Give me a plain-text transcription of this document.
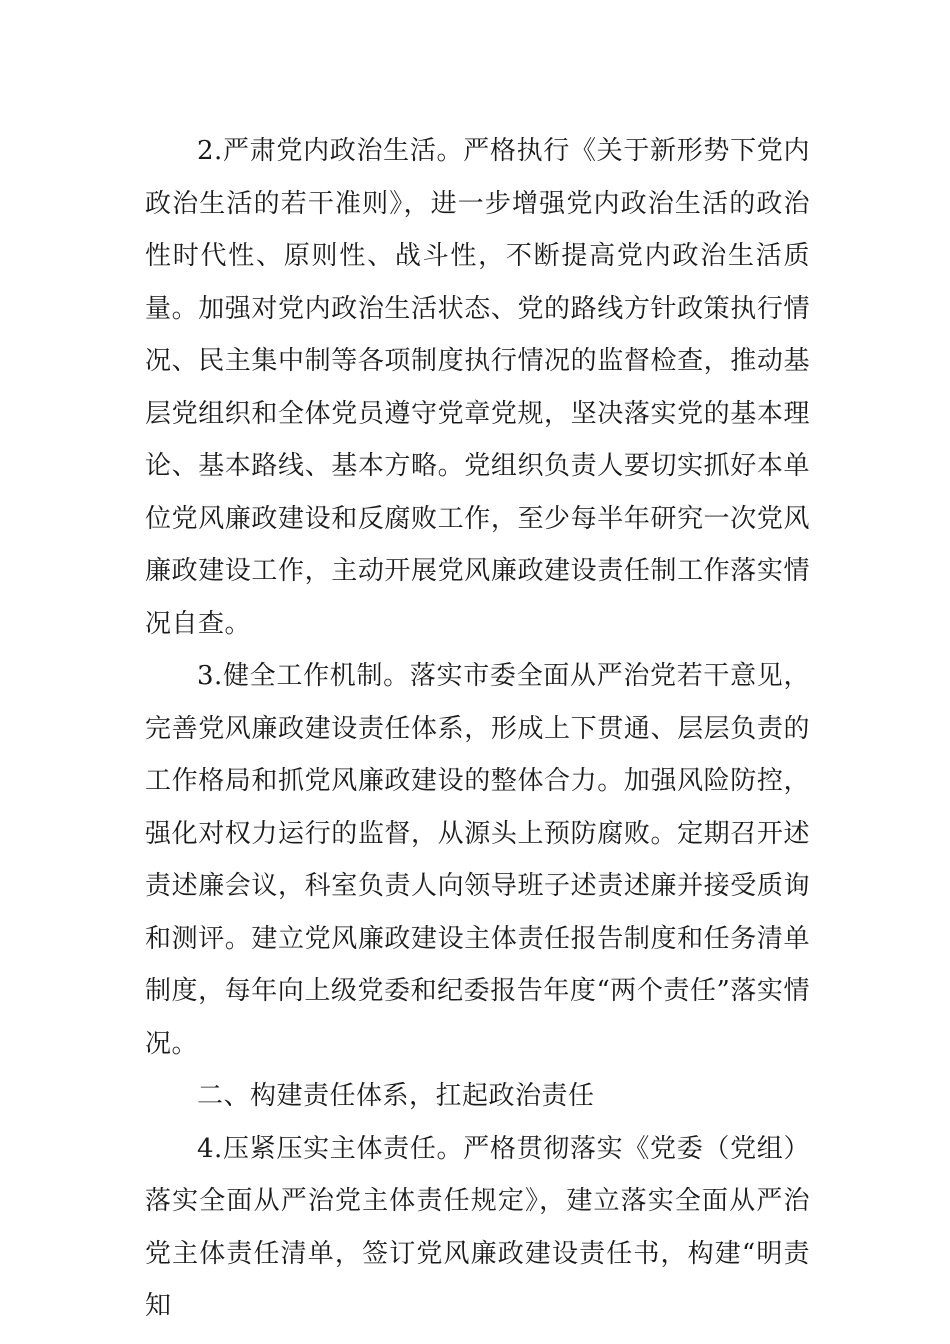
2.严肃党内政治生活。严格执行《关于新形势下党内政治生活的若干准则》，进一步增强党内政治生活的政治性时代性、原则性、战斗性，不断提高党内政治生活质量。加强对党内政治生活状态、党的路线方针政策执行情况、民主集中制等各项制度执行情况的监督检查，推动基层党组织和全体党员遵守党章党规，坚决落实党的基本理论、基本路线、基本方略。党组织负责人要切实抓好本单位党风廉政建设和反腐败工作，至少每半年研究一次党风廉政建设工作，主动开展党风廉政建设责任制工作落实情况自查。

3.健全工作机制。落实市委全面从严治党若干意见，完善党风廉政建设责任体系，形成上下贯通、层层负责的工作格局和抓党风廉政建设的整体合力。加强风险防控，强化对权力运行的监督，从源头上预防腐败。定期召开述责述廉会议，科室负责人向领导班子述责述廉并接受质询和测评。建立党风廉政建设主体责任报告制度和任务清单制度，每年向上级党委和纪委报告年度“两个责任”落实情况。

二、构建责任体系，扛起政治责任

4.压紧压实主体责任。严格贯彻落实《党委（党组）落实全面从严治党主体责任规定》，建立落实全面从严治党主体责任清单，签订党风廉政建设责任书，构建“明责知
